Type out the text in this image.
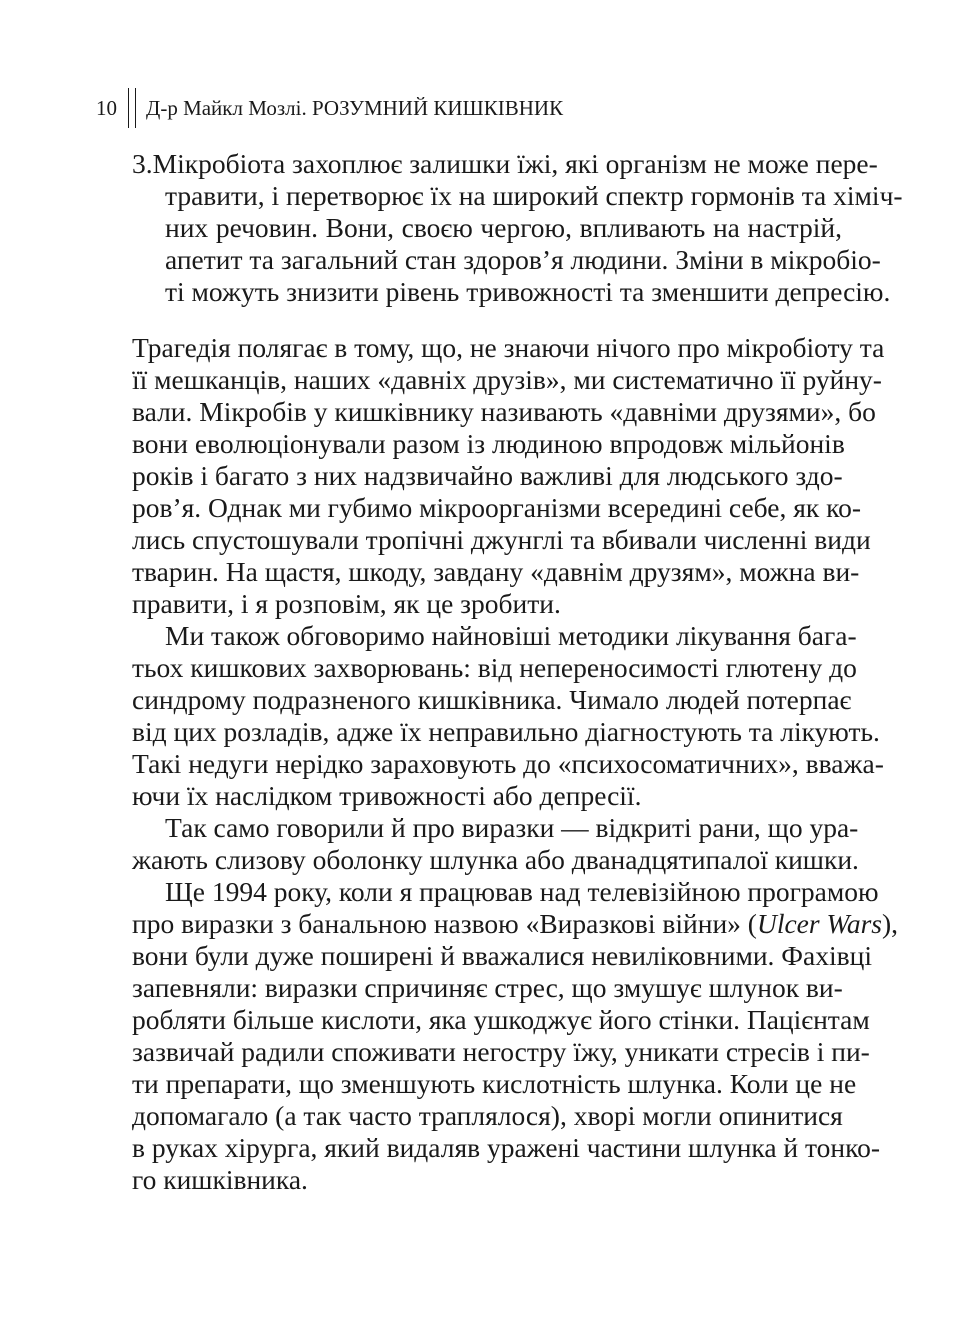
10	Д-р Майкл Мозлі. РОЗУМНИЙ КИШКІВНИК
3. Мікробіота захоплює залишки їжі, які організм не може пере-
травити, і перетворює їх на широкий спектр гормонів та хіміч-
них речовин. Вони, своєю чергою, впливають на настрій,
апетит та загальний стан здоров’я людини. Зміни в мікробіо-
ті можуть знизити рівень тривожності та зменшити депресію.
Трагедія полягає в тому, що, не знаючи нічого про мікробіоту та
її мешканців, наших «давніх друзів», ми систематично її руйну-
вали. Мікробів у кишківнику називають «давніми друзями», бо
вони еволюціонували разом із людиною впродовж мільйонів
років і багато з них надзвичайно важливі для людського здо-
ров’я. Однак ми губимо мікроорганізми всередині себе, як ко-
лись спустошували тропічні джунглі та вбивали численні види
тварин. На щастя, шкоду, завдану «давнім друзям», можна ви-
правити, і я розповім, як це зробити.
Ми також обговоримо найновіші методики лікування бага-
тьох кишкових захворювань: від непереносимості глютену до
синдрому подразненого кишківника. Чимало людей потерпає
від цих розладів, адже їх неправильно діагностують та лікують.
Такі недуги нерідко зараховують до «психосоматичних», вважа-
ючи їх наслідком тривожності або депресії.
Так само говорили й про виразки — відкриті рани, що ура-
жають слизову оболонку шлунка або дванадцятипалої кишки.
Ще 1994 року, коли я працював над телевізійною програмою
про виразки з банальною назвою «Виразкові війни» (Ulcer Wars),
вони були дуже поширені й вважалися невиліковними. Фахівці
запевняли: виразки спричиняє стрес, що змушує шлунок ви-
робляти більше кислоти, яка ушкоджує його стінки. Пацієнтам
зазвичай радили споживати негостру їжу, уникати стресів і пи-
ти препарати, що зменшують кислотність шлунка. Коли це не
допомагало (а так часто траплялося), хворі могли опинитися
в руках хірурга, який видаляв уражені частини шлунка й тонко-
го кишківника.
